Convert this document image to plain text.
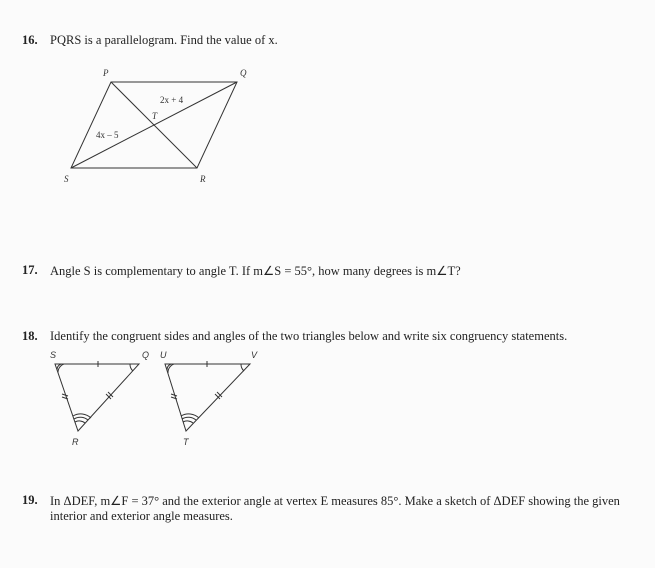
16. PQRS is a parallelogram. Find the value of x.
17. Angle S is complementary to angle T. If m∠S = 55°, how many degrees is m∠T?
18. Identify the congruent sides and angles of the two triangles below and write six congruency statements.
19. In ΔDEF, m∠F = 37° and the exterior angle at vertex E measures 85°. Make a sketch of ΔDEF showing the given
interior and exterior angle measures.
P	Q
S	R
T
2x + 4
4x – 5
S	Q
R
U	V
T
